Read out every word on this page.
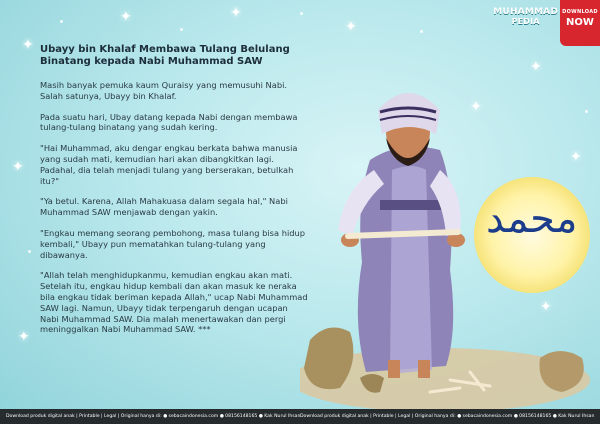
✦
✦	✦
✦
✦
✦
✦
✦
✦
✦
محمد
MUHAMMAD
PEDIA
DOWNLOAD
NOW
Ubayy bin Khalaf Membawa Tulang Belulang Binatang kepada Nabi Muhammad SAW

Masih banyak pemuka kaum Quraisy yang memusuhi Nabi. Salah satunya, Ubayy bin Khalaf.

Pada suatu hari, Ubay datang kepada Nabi dengan membawa tulang-tulang binatang yang sudah kering.

"Hai Muhammad, aku dengar engkau berkata bahwa manusia yang sudah mati, kemudian hari akan dibangkitkan lagi. Padahal, dia telah menjadi tulang yang berserakan, betulkah itu?"

"Ya betul. Karena, Allah Mahakuasa dalam segala hal," Nabi Muhammad SAW menjawab dengan yakin.

"Engkau memang seorang pembohong, masa tulang bisa hidup kembali," Ubayy pun mematahkan tulang-tulang yang dibawanya.

"Allah telah menghidupkanmu, kemudian engkau akan mati. Setelah itu, engkau hidup kembali dan akan masuk ke neraka bila engkau tidak beriman kepada Allah," ucap Nabi Muhammad SAW lagi. Namun, Ubayy tidak terpengaruh dengan ucapan Nabi Muhammad SAW. Dia malah menertawakan dan pergi meninggalkan Nabi Muhammad SAW. ***

Download produk digital anak | Printable | Legal | Original hanya di: ● sebacaindonesia.com ● 08156148165 ● Kak Nurul Ihsan Download produk digital anak | Printable | Legal | Original hanya di: ● sebacaindonesia.com ● 08156148165 ● Kak Nurul Ihsan
